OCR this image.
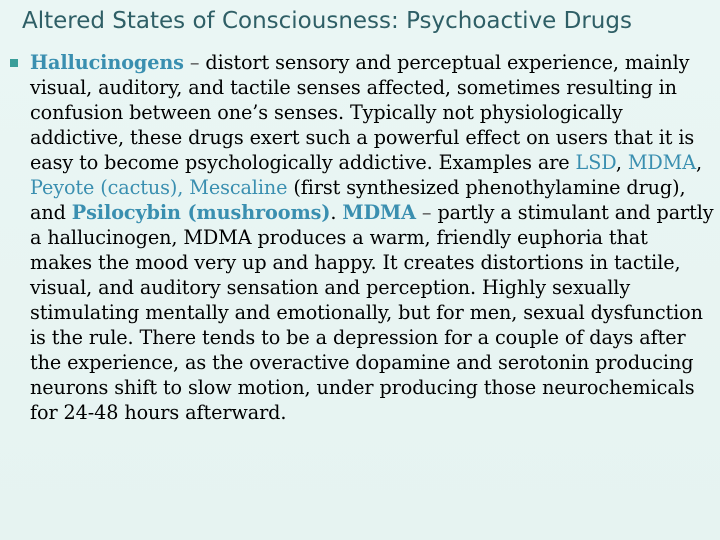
Altered States of Consciousness: Psychoactive Drugs
Hallucinogens – distort sensory and perceptual experience, mainly visual, auditory, and tactile senses affected, sometimes resulting in confusion between one’s senses. Typically not physiologically addictive, these drugs exert such a powerful effect on users that it is easy to become psychologically addictive. Examples are LSD, MDMA, Peyote (cactus), Mescaline (first synthesized phenothylamine drug), and Psilocybin (mushrooms). MDMA – partly a stimulant and partly a hallucinogen, MDMA produces a warm, friendly euphoria that makes the mood very up and happy. It creates distortions in tactile, visual, and auditory sensation and perception. Highly sexually stimulating mentally and emotionally, but for men, sexual dysfunction is the rule. There tends to be a depression for a couple of days after the experience, as the overactive dopamine and serotonin producing neurons shift to slow motion, under producing those neurochemicals for 24-48 hours afterward.
